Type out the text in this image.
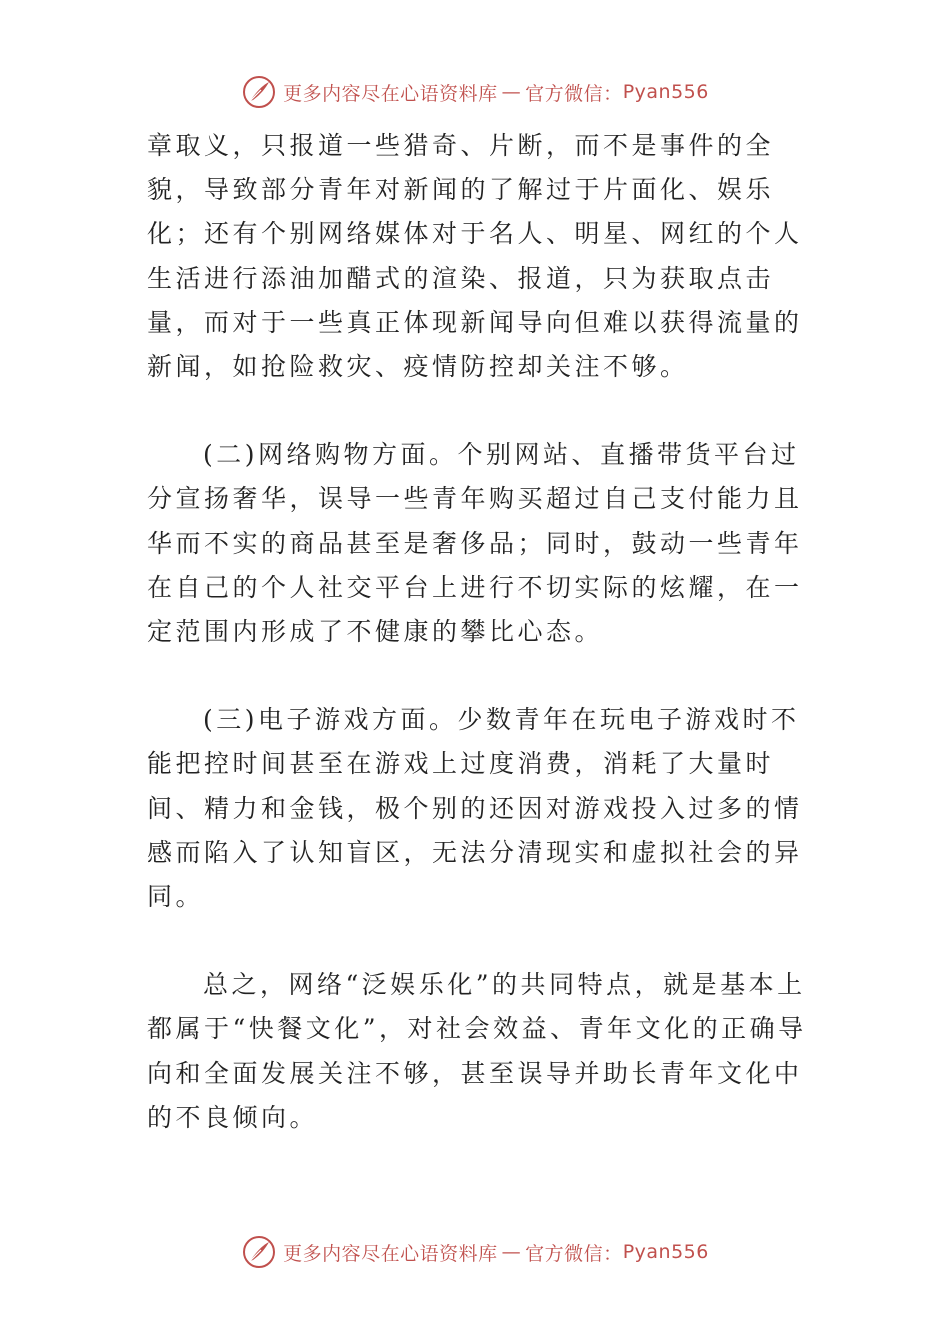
更多内容尽在心语资料库 — 官方微信： Pyan556

章取义，只报道一些猎奇、片断，而不是事件的全貌，导致部分青年对新闻的了解过于片面化、娱乐化；还有个别网络媒体对于名人、明星、网红的个人生活进行添油加醋式的渲染、报道，只为获取点击量，而对于一些真正体现新闻导向但难以获得流量的新闻，如抢险救灾、疫情防控却关注不够。

(二)网络购物方面。个别网站、直播带货平台过分宣扬奢华，误导一些青年购买超过自己支付能力且华而不实的商品甚至是奢侈品；同时，鼓动一些青年在自己的个人社交平台上进行不切实际的炫耀，在一定范围内形成了不健康的攀比心态。

(三)电子游戏方面。少数青年在玩电子游戏时不能把控时间甚至在游戏上过度消费，消耗了大量时间、精力和金钱，极个别的还因对游戏投入过多的情感而陷入了认知盲区，无法分清现实和虚拟社会的异同。

总之，网络“泛娱乐化”的共同特点，就是基本上都属于“快餐文化”，对社会效益、青年文化的正确导向和全面发展关注不够，甚至误导并助长青年文化中的不良倾向。

更多内容尽在心语资料库 — 官方微信： Pyan556
